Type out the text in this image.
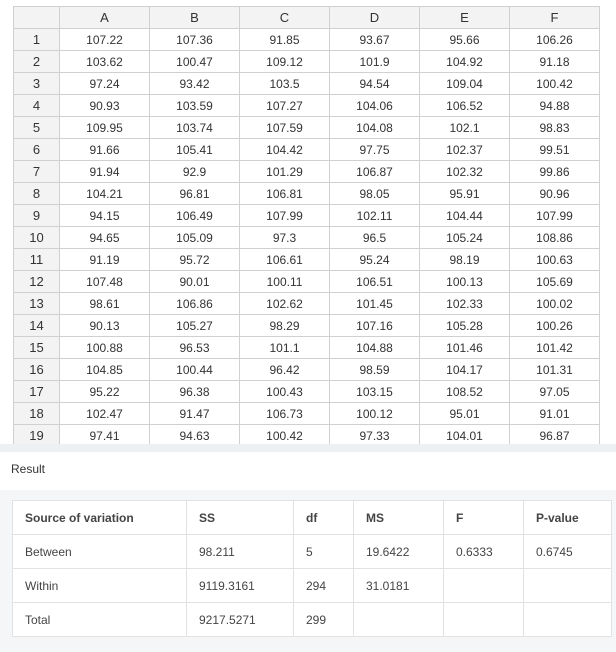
	A	B	C	D	E	F
1	107.22	107.36	91.85	93.67	95.66	106.26
2	103.62	100.47	109.12	101.9	104.92	91.18
3	97.24	93.42	103.5	94.54	109.04	100.42
4	90.93	103.59	107.27	104.06	106.52	94.88
5	109.95	103.74	107.59	104.08	102.1	98.83
6	91.66	105.41	104.42	97.75	102.37	99.51
7	91.94	92.9	101.29	106.87	102.32	99.86
8	104.21	96.81	106.81	98.05	95.91	90.96
9	94.15	106.49	107.99	102.11	104.44	107.99
10	94.65	105.09	97.3	96.5	105.24	108.86
11	91.19	95.72	106.61	95.24	98.19	100.63
12	107.48	90.01	100.11	106.51	100.13	105.69
13	98.61	106.86	102.62	101.45	102.33	100.02
14	90.13	105.27	98.29	107.16	105.28	100.26
15	100.88	96.53	101.1	104.88	101.46	101.42
16	104.85	100.44	96.42	98.59	104.17	101.31
17	95.22	96.38	100.43	103.15	108.52	97.05
18	102.47	91.47	106.73	100.12	95.01	91.01
19	97.41	94.63	100.42	97.33	104.01	96.87
Result
Source of variation	SS	df	MS	F	P-value
Between	98.211	5	19.6422	0.6333	0.6745
Within	9119.3161	294	31.0181		
Total	9217.5271	299			
